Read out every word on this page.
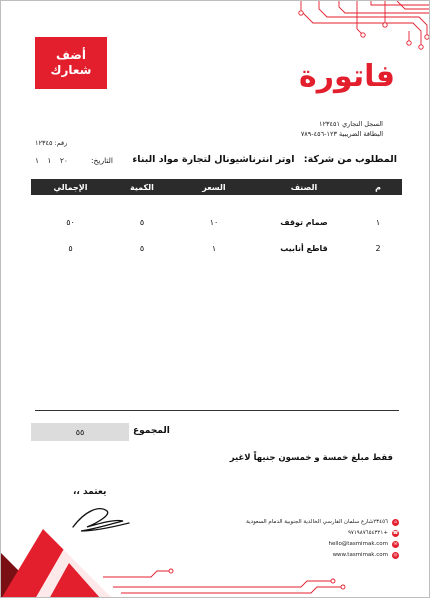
أضف
شعارك	فاتورة
السجل التجاري ١٢٣٤٥١
البطاقة الضريبية ١٢٣-٤٥٦-٧٨٩
رقم: ١٢٣٤٥
التاريخ:
٢٠ ١ ١	المطلوب من شركة: اوتر انترناشيونال لتجارة مواد البناء
م	الصنف	السعر	الكمية	الإجمالي
١	صمام توقف	١٠	٥	٥٠
2	قاطع أنابيب	١	٥	٥
المجموع
٥٥
فقط مبلغ خمسة و خمسون جنيهاً لاغير
يعتمد ،،
⌂
٢٣٤٥٦شارع سلمان الفارسي الخالدية الجنوبية الدمام السعودية
☎
+٩٧١٩٨٧٦٥٤٣٢١
✉
hello@tasmimak.com
◎
www.tasmimak.com
